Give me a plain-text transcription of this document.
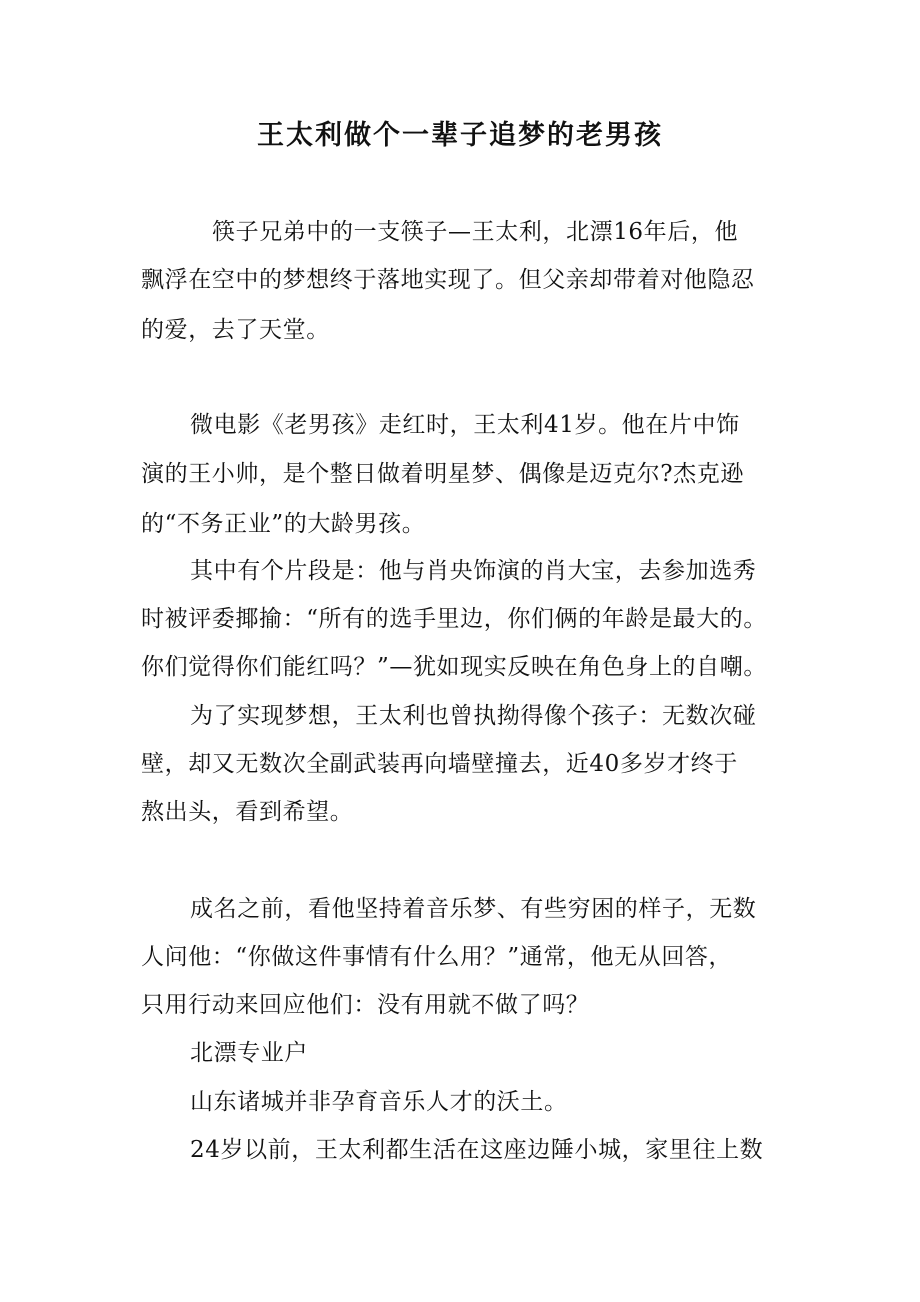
王太利做个一辈子追梦的老男孩
筷子兄弟中的一支筷子—王太利，北漂16年后，他
飘浮在空中的梦想终于落地实现了。但父亲却带着对他隐忍
的爱，去了天堂。
微电影《老男孩》走红时，王太利41岁。他在片中饰
演的王小帅，是个整日做着明星梦、偶像是迈克尔?杰克逊
的“不务正业”的大龄男孩。
其中有个片段是：他与肖央饰演的肖大宝，去参加选秀
时被评委揶揄：“所有的选手里边，你们俩的年龄是最大的。
你们觉得你们能红吗？”—犹如现实反映在角色身上的自嘲。
为了实现梦想，王太利也曾执拗得像个孩子：无数次碰
壁，却又无数次全副武装再向墙壁撞去，近40多岁才终于
熬出头，看到希望。
成名之前，看他坚持着音乐梦、有些穷困的样子，无数
人问他：“你做这件事情有什么用？”通常，他无从回答，
只用行动来回应他们：没有用就不做了吗？
北漂专业户
山东诸城并非孕育音乐人才的沃土。
24岁以前，王太利都生活在这座边陲小城，家里往上数
